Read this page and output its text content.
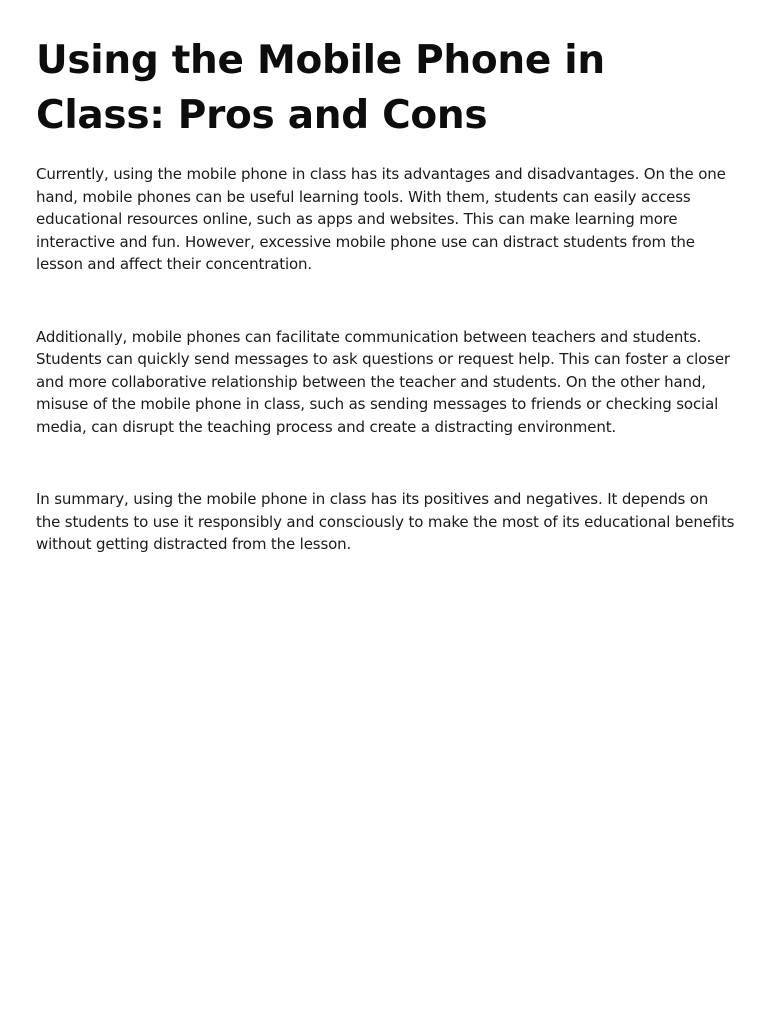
Using the Mobile Phone in Class: Pros and Cons

Currently, using the mobile phone in class has its advantages and disadvantages. On the one hand, mobile phones can be useful learning tools. With them, students can easily access educational resources online, such as apps and websites. This can make learning more interactive and fun. However, excessive mobile phone use can distract students from the lesson and affect their concentration.

Additionally, mobile phones can facilitate communication between teachers and students. Students can quickly send messages to ask questions or request help. This can foster a closer and more collaborative relationship between the teacher and students. On the other hand, misuse of the mobile phone in class, such as sending messages to friends or checking social media, can disrupt the teaching process and create a distracting environment.

In summary, using the mobile phone in class has its positives and negatives. It depends on the students to use it responsibly and consciously to make the most of its educational benefits without getting distracted from the lesson.
